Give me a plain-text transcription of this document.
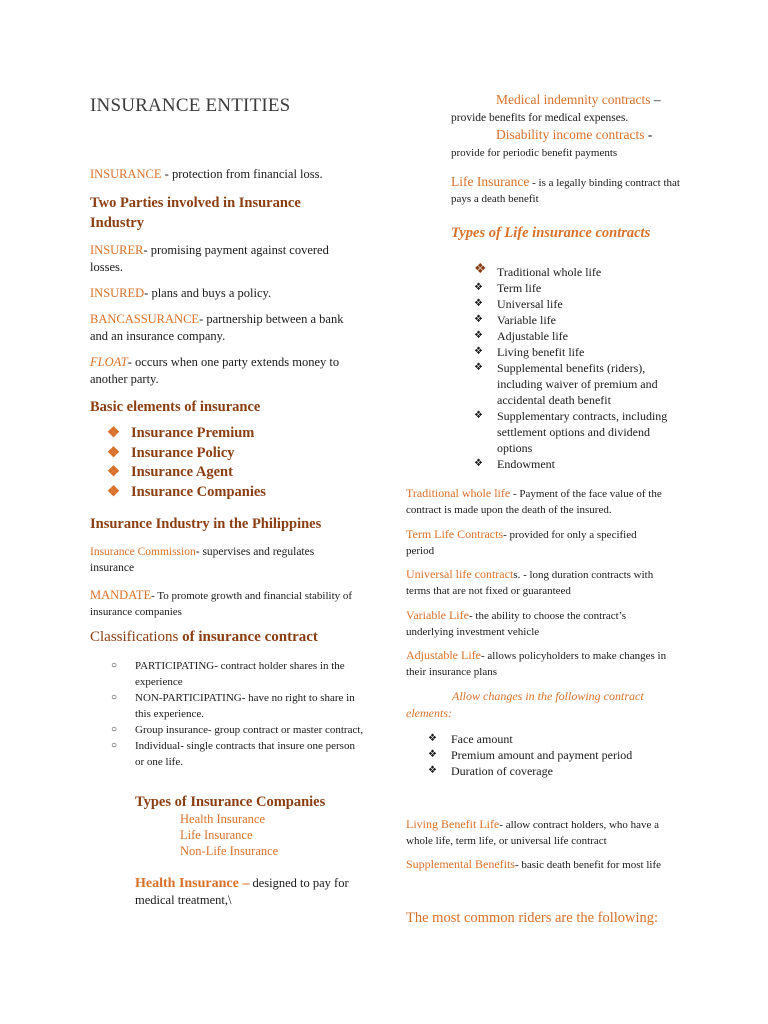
INSURANCE ENTITIES
INSURANCE - protection from financial loss.
Two Parties involved in Insurance Industry
INSURER- promising payment against covered losses.
INSURED- plans and buys a policy.
BANCASSURANCE- partnership between a bank and an insurance company.
FLOAT- occurs when one party extends money to another party.
Basic elements of insurance
❖ Insurance Premium
❖ Insurance Policy
❖ Insurance Agent
❖ Insurance Companies
Insurance Industry in the Philippines
Insurance Commission- supervises and regulates insurance
MANDATE- To promote growth and financial stability of insurance companies
Classifications of insurance contract
○ PARTICIPATING- contract holder shares in the experience
○ NON-PARTICIPATING- have no right to share in this experience.
○ Group insurance- group contract or master contract,
○ Individual- single contracts that insure one person or one life.
Types of Insurance Companies
Health Insurance
Life Insurance
Non-Life Insurance
Health Insurance – designed to pay for medical treatment,\
Medical indemnity contracts –
provide benefits for medical expenses.
Disability income contracts -
provide for periodic benefit payments
Life Insurance - is a legally binding contract that pays a death benefit
Types of Life insurance contracts
❖ Traditional whole life
❖ Term life
❖ Universal life
❖ Variable life
❖ Adjustable life
❖ Living benefit life
❖ Supplemental benefits (riders), including waiver of premium and accidental death benefit
❖ Supplementary contracts, including settlement options and dividend options
❖ Endowment
Traditional whole life - Payment of the face value of the contract is made upon the death of the insured.
Term Life Contracts- provided for only a specified period
Universal life contracts. - long duration contracts with terms that are not fixed or guaranteed
Variable Life- the ability to choose the contract’s underlying investment vehicle
Adjustable Life- allows policyholders to make changes in their insurance plans
Allow changes in the following contract elements:
❖ Face amount
❖ Premium amount and payment period
❖ Duration of coverage
Living Benefit Life- allow contract holders, who have a whole life, term life, or universal life contract
Supplemental Benefits- basic death benefit for most life
The most common riders are the following:
